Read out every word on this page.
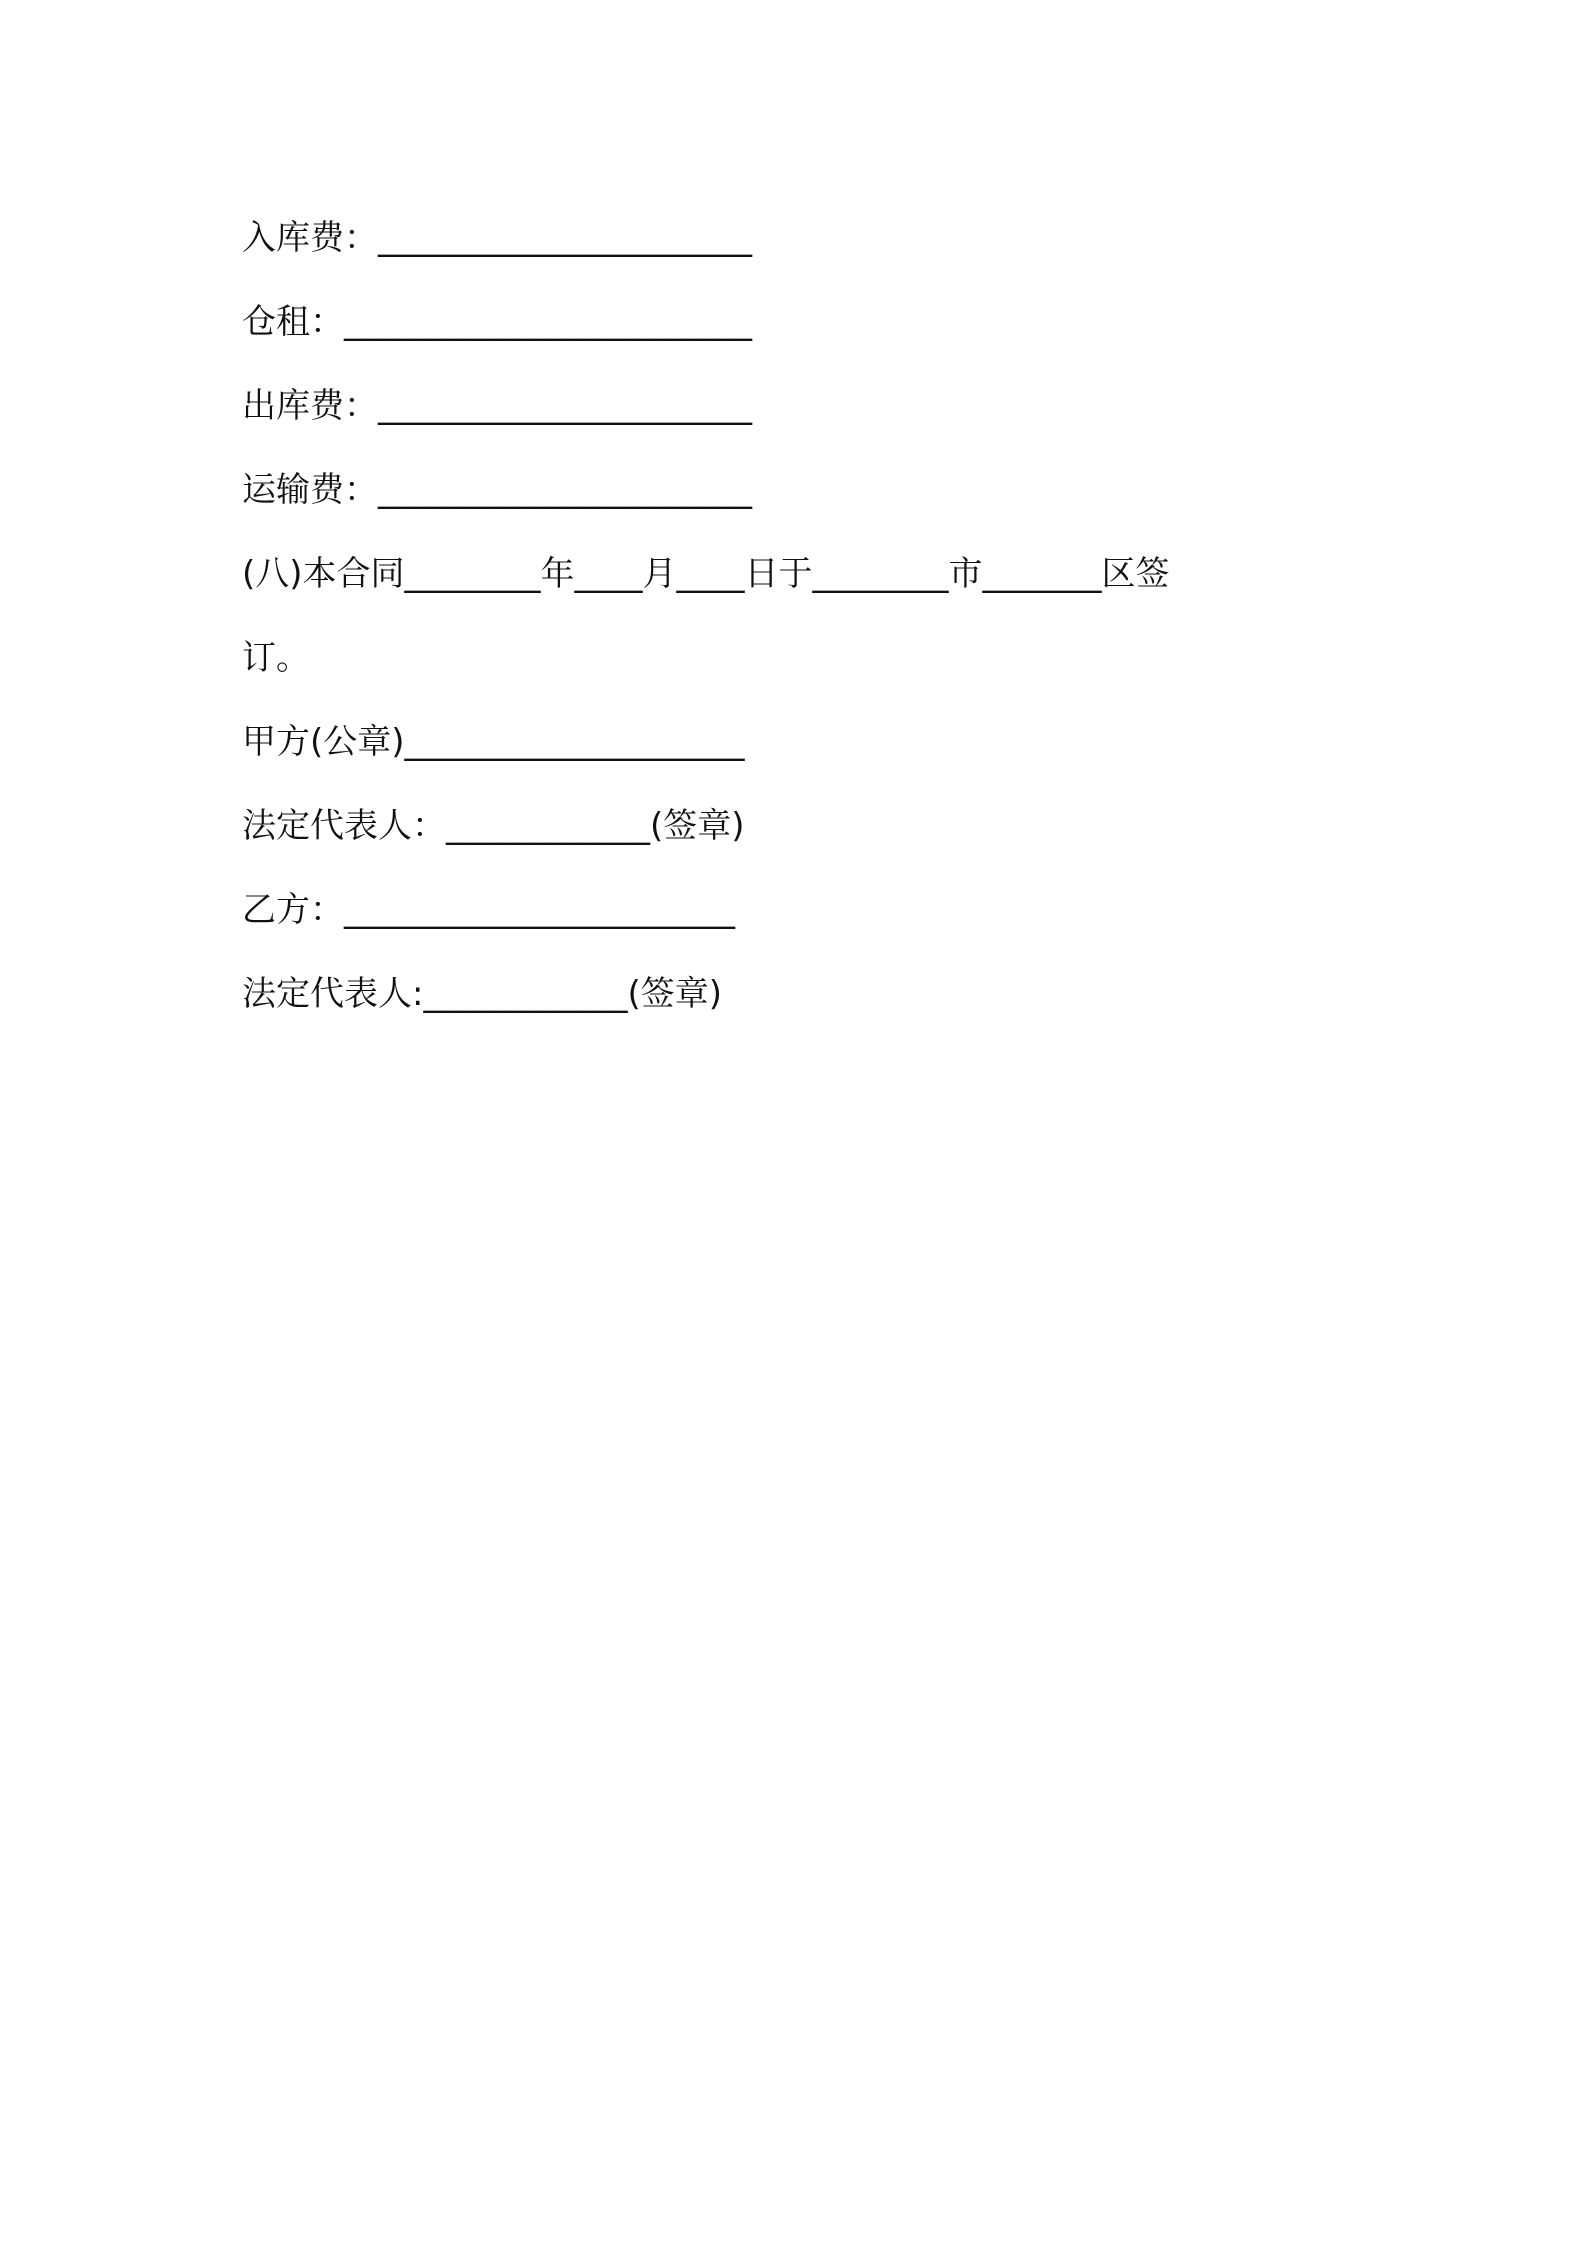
入库费：______________________
仓租：________________________
出库费：______________________
运输费：______________________
(八)本合同________年____月____日于________市_______区签
订。
甲方(公章)____________________
法定代表人：____________(签章)
乙方：_______________________
法定代表人:____________(签章)
